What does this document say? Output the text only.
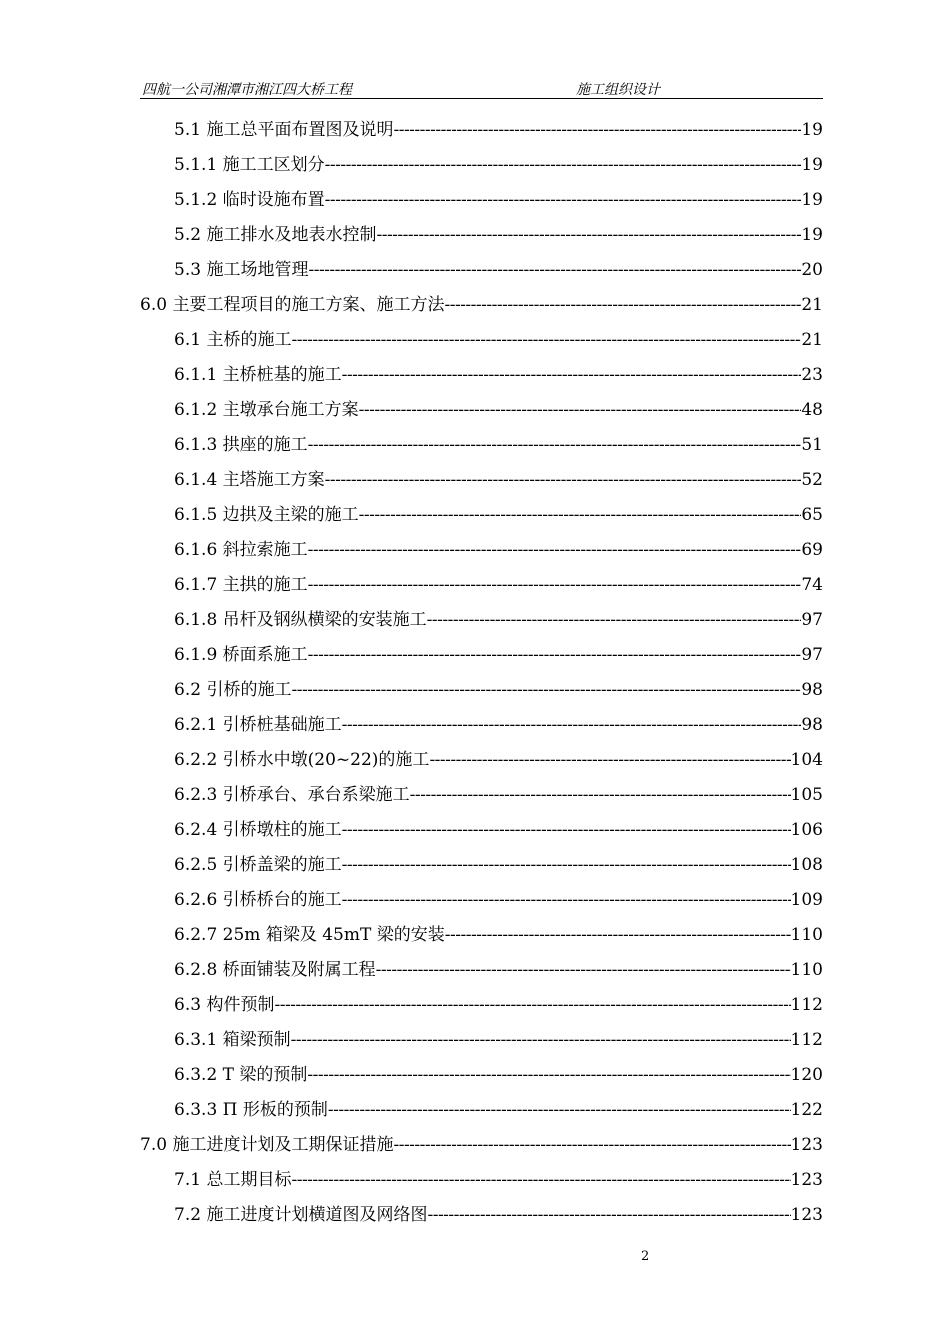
四航一公司湘潭市湘江四大桥工程	施工组织设计
5.1 施工总平面布置图及说明 -----	19
5.1.1 施工工区划分 -----	19
5.1.2 临时设施布置 -----	19
5.2 施工排水及地表水控制 -----	19
5.3 施工场地管理 -----	20
6.0 主要工程项目的施工方案、施工方法 -----	21
6.1 主桥的施工 -----	21
6.1.1 主桥桩基的施工 -----	23
6.1.2 主墩承台施工方案 -----	48
6.1.3 拱座的施工 -----	51
6.1.4 主塔施工方案 -----	52
6.1.5 边拱及主梁的施工 -----	65
6.1.6 斜拉索施工 -----	69
6.1.7 主拱的施工 -----	74
6.1.8 吊杆及钢纵横梁的安装施工 -----	97
6.1.9 桥面系施工 -----	97
6.2 引桥的施工 -----	98
6.2.1 引桥桩基础施工 -----	98
6.2.2 引桥水中墩(20~22)的施工 -----	104
6.2.3 引桥承台、承台系梁施工 -----	105
6.2.4 引桥墩柱的施工 -----	106
6.2.5 引桥盖梁的施工 -----	108
6.2.6 引桥桥台的施工 -----	109
6.2.7 25m 箱梁及 45mT 梁的安装 -----	110
6.2.8 桥面铺装及附属工程 -----	110
6.3 构件预制 -----	112
6.3.1 箱梁预制 -----	112
6.3.2 T 梁的预制 -----	120
6.3.3 Π 形板的预制 -----	122
7.0 施工进度计划及工期保证措施 -----	123
7.1 总工期目标 -----	123
7.2 施工进度计划横道图及网络图 -----	123
2
